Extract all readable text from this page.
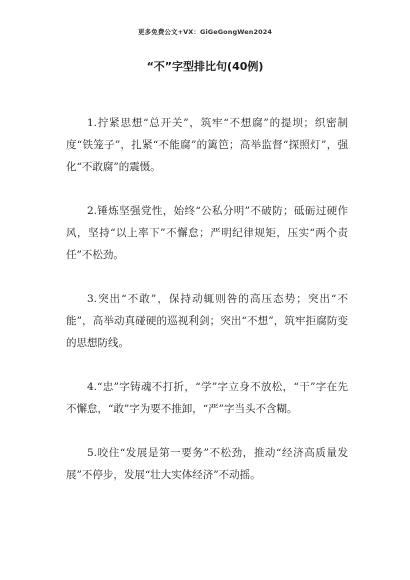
更多免费公文+VX：GiGeGongWen2024
“不”字型排比句(40例)

1.拧紧思想“总开关”，筑牢“不想腐”的提坝；织密制度“铁笼子”，扎紧“不能腐”的篱笆；高举监督“探照灯”，强化“不敢腐”的震慑。

2.锤炼坚强党性，始终“公私分明”不破防；砥砺过硬作风，坚持“以上率下”不懈怠；严明纪律规矩，压实“两个责任”不松劲。

3.突出“不敢”，保持动辄则咎的高压态势；突出“不能”，高举动真碰硬的巡视利剑；突出“不想”，筑牢拒腐防变的思想防线。

4.“忠”字铸魂不打折，“学”字立身不放松，“干”字在先不懈怠，“敢”字为要不推卸，“严”字当头不含糊。

5.咬住“发展是第一要务”不松劲，推动“经济高质量发展”不停步，发展“壮大实体经济”不动摇。
